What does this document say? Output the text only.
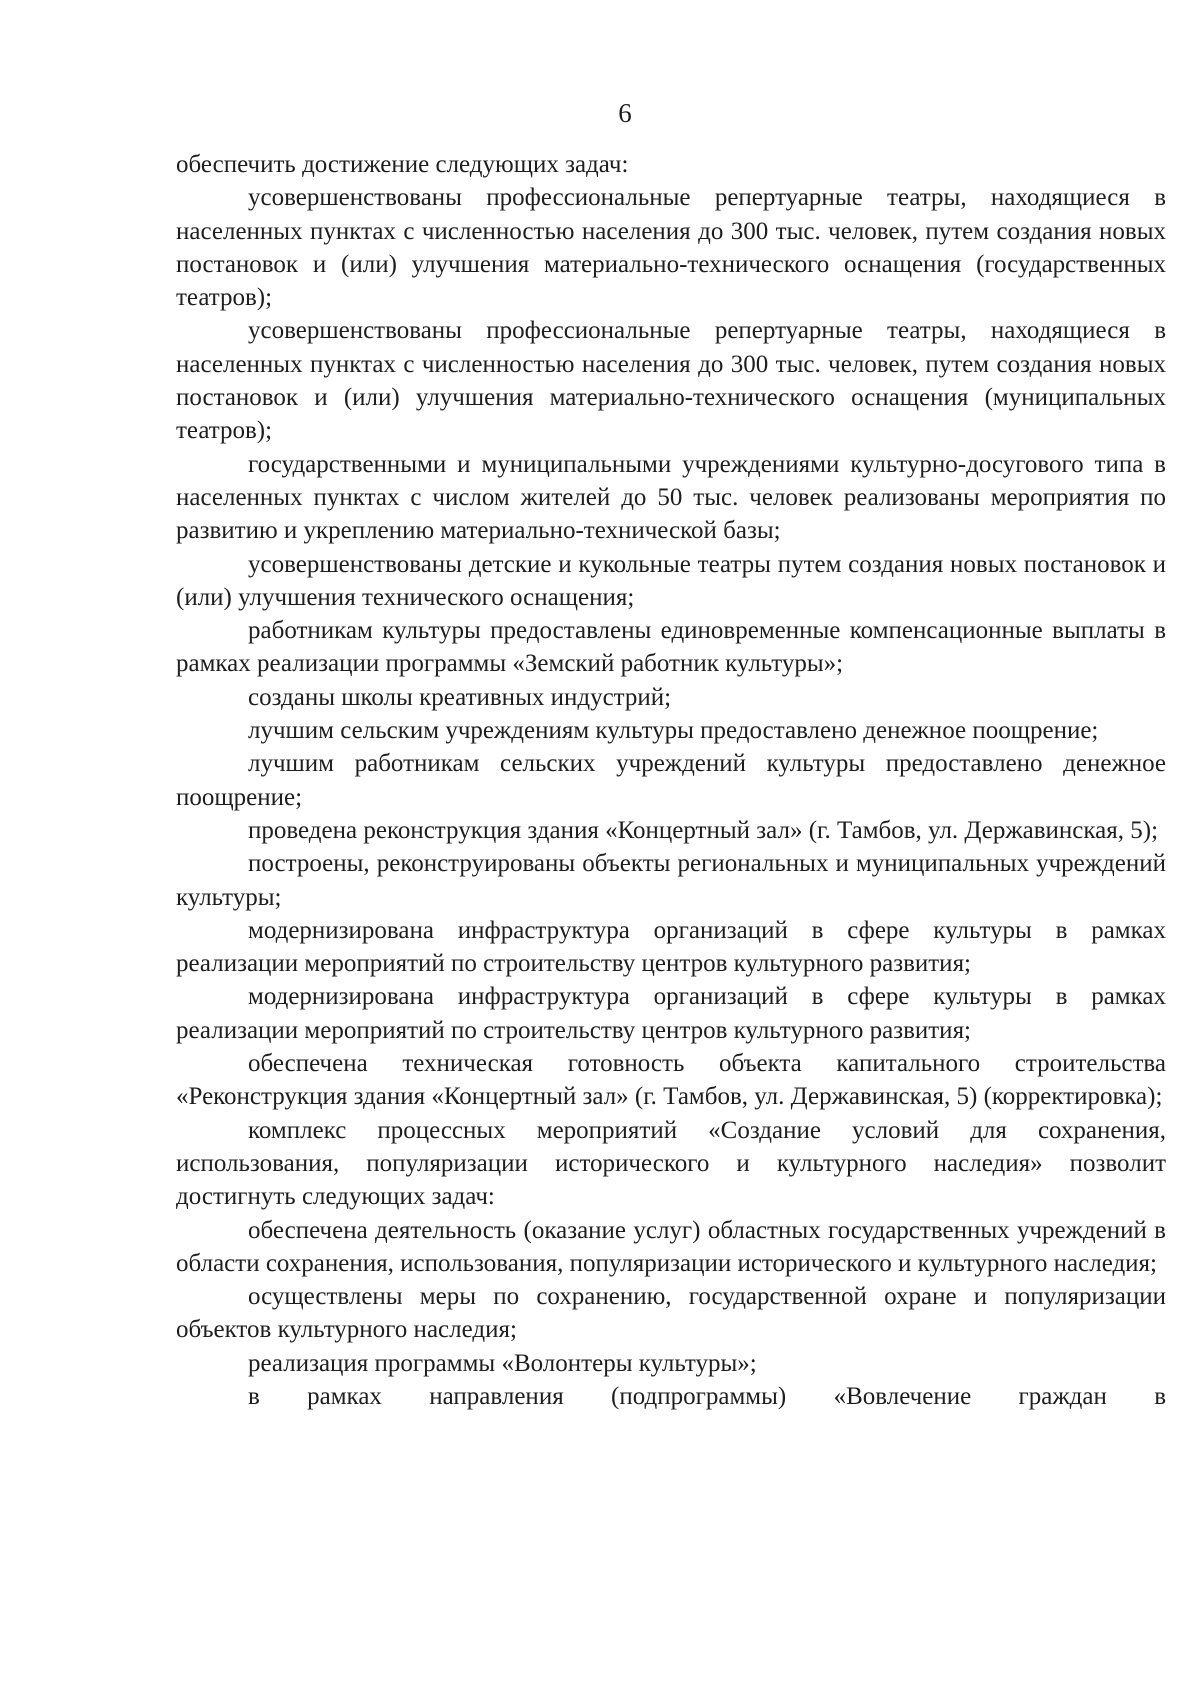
6

обеспечить достижение следующих задач:

усовершенствованы профессиональные репертуарные театры, находящиеся в населенных пунктах с численностью населения до 300 тыс. человек, путем создания новых постановок и (или) улучшения материально-технического оснащения (государственных театров);

усовершенствованы профессиональные репертуарные театры, находящиеся в населенных пунктах с численностью населения до 300 тыс. человек, путем создания новых постановок и (или) улучшения материально-технического оснащения (муниципальных театров);

государственными и муниципальными учреждениями культурно-досугового типа в населенных пунктах с числом жителей до 50 тыс. человек реализованы мероприятия по развитию и укреплению материально-технической базы;

усовершенствованы детские и кукольные театры путем создания новых постановок и (или) улучшения технического оснащения;

работникам культуры предоставлены единовременные компенсационные выплаты в рамках реализации программы «Земский работник культуры»;

созданы школы креативных индустрий;

лучшим сельским учреждениям культуры предоставлено денежное поощрение;

лучшим работникам сельских учреждений культуры предоставлено денежное поощрение;

проведена реконструкция здания «Концертный зал» (г. Тамбов, ул. Державинская, 5);

построены, реконструированы объекты региональных и муниципальных учреждений культуры;

модернизирована инфраструктура организаций в сфере культуры в рамках реализации мероприятий по строительству центров культурного развития;

модернизирована инфраструктура организаций в сфере культуры в рамках реализации мероприятий по строительству центров культурного развития;

обеспечена техническая готовность объекта капитального строительства «Реконструкция здания «Концертный зал» (г. Тамбов, ул. Державинская, 5) (корректировка);

комплекс процессных мероприятий «Создание условий для сохранения, использования, популяризации исторического и культурного наследия» позволит достигнуть следующих задач:

обеспечена деятельность (оказание услуг) областных государственных учреждений в области сохранения, использования, популяризации исторического и культурного наследия;

осуществлены меры по сохранению, государственной охране и популяризации объектов культурного наследия;

реализация программы «Волонтеры культуры»;

в рамках направления (подпрограммы) «Вовлечение граждан в
